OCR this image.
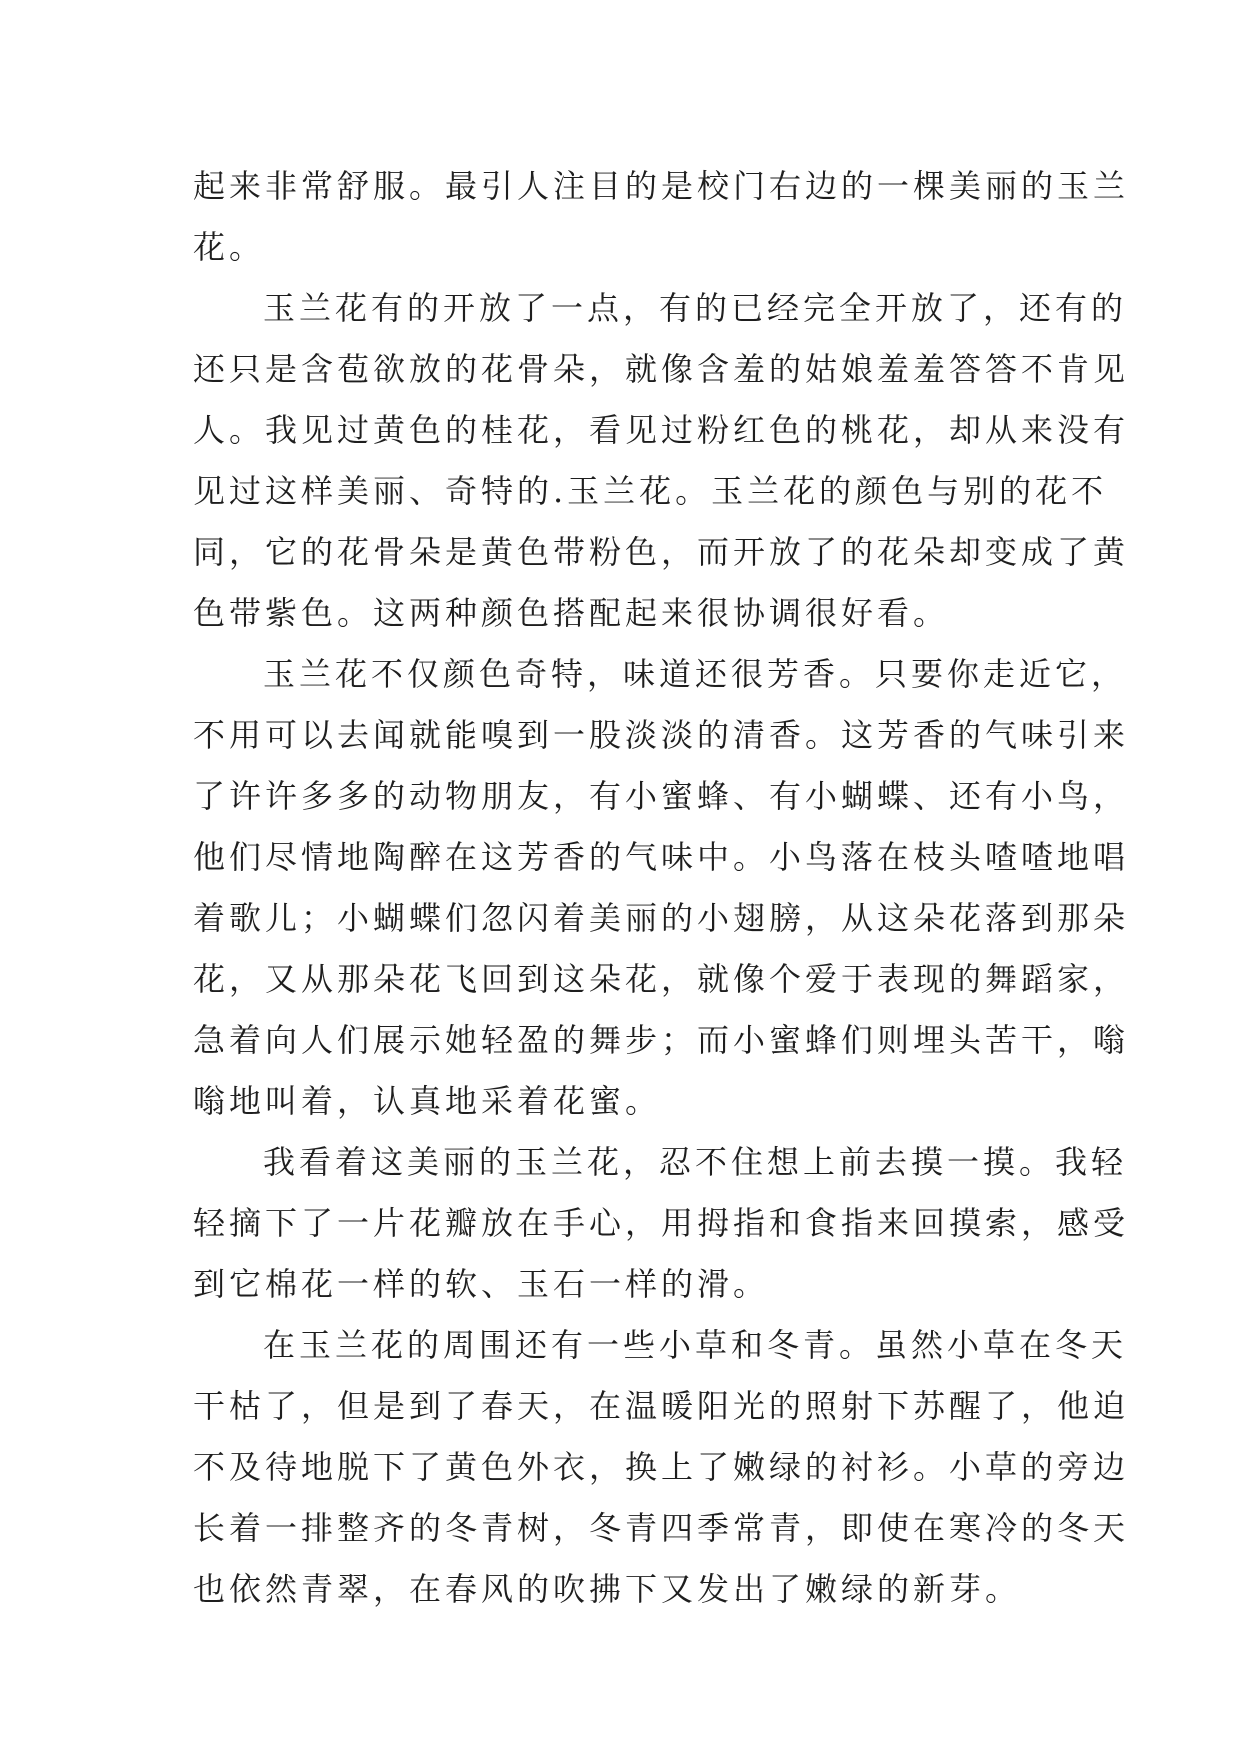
起来非常舒服。最引人注目的是校门右边的一棵美丽的玉兰
花。
玉兰花有的开放了一点，有的已经完全开放了，还有的
还只是含苞欲放的花骨朵，就像含羞的姑娘羞羞答答不肯见
人。我见过黄色的桂花，看见过粉红色的桃花，却从来没有
见过这样美丽、奇特的.玉兰花。玉兰花的颜色与别的花不
同，它的花骨朵是黄色带粉色，而开放了的花朵却变成了黄
色带紫色。这两种颜色搭配起来很协调很好看。
玉兰花不仅颜色奇特，味道还很芳香。只要你走近它，
不用可以去闻就能嗅到一股淡淡的清香。这芳香的气味引来
了许许多多的动物朋友，有小蜜蜂、有小蝴蝶、还有小鸟，
他们尽情地陶醉在这芳香的气味中。小鸟落在枝头喳喳地唱
着歌儿；小蝴蝶们忽闪着美丽的小翅膀，从这朵花落到那朵
花，又从那朵花飞回到这朵花，就像个爱于表现的舞蹈家，
急着向人们展示她轻盈的舞步；而小蜜蜂们则埋头苦干，嗡
嗡地叫着，认真地采着花蜜。
我看着这美丽的玉兰花，忍不住想上前去摸一摸。我轻
轻摘下了一片花瓣放在手心，用拇指和食指来回摸索，感受
到它棉花一样的软、玉石一样的滑。
在玉兰花的周围还有一些小草和冬青。虽然小草在冬天
干枯了，但是到了春天，在温暖阳光的照射下苏醒了，他迫
不及待地脱下了黄色外衣，换上了嫩绿的衬衫。小草的旁边
长着一排整齐的冬青树，冬青四季常青，即使在寒冷的冬天
也依然青翠，在春风的吹拂下又发出了嫩绿的新芽。
